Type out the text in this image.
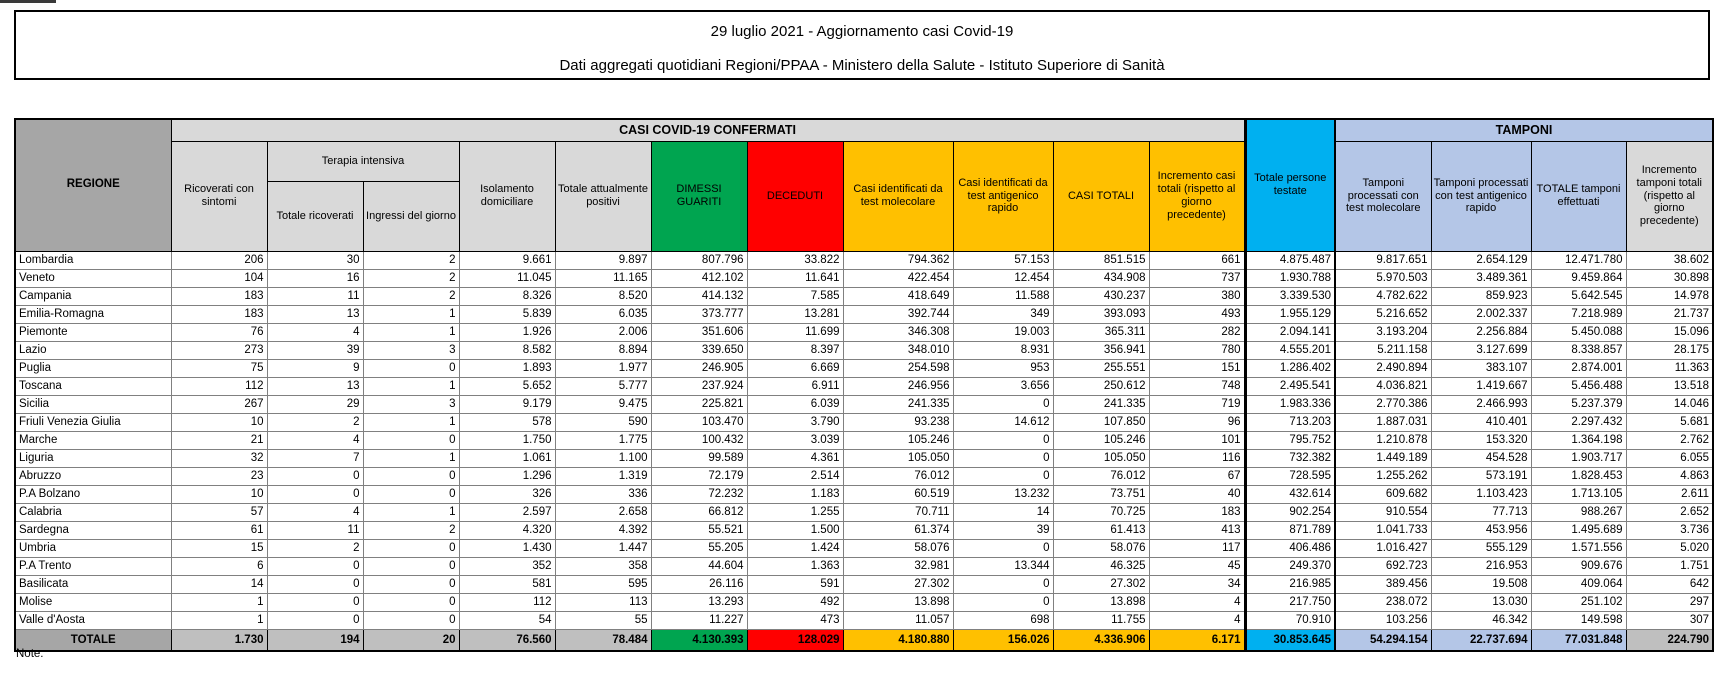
29 luglio 2021 - Aggiornamento casi Covid-19
Dati aggregati quotidiani Regioni/PPAA - Ministero della Salute - Istituto Superiore di Sanità
REGIONE	CASI COVID-19 CONFERMATI											Totale persone testate	TAMPONI			
	Ricoverati con sintomi	Terapia intensiva		Isolamento domiciliare	Totale attualmente positivi	DIMESSI GUARITI	DECEDUTI	Casi identificati da test molecolare	Casi identificati da test antigenico rapido	CASI TOTALI	Incremento casi totali (rispetto al giorno precedente)		Tamponi processati con test molecolare	Tamponi processati con test antigenico rapido	TOTALE tamponi effettuati	Incremento tamponi totali (rispetto al giorno precedente)
		Totale ricoverati	Ingressi del giorno													
Lombardia	206	30	2	9.661	9.897	807.796	33.822	794.362	57.153	851.515	661	4.875.487	9.817.651	2.654.129	12.471.780	38.602
Veneto	104	16	2	11.045	11.165	412.102	11.641	422.454	12.454	434.908	737	1.930.788	5.970.503	3.489.361	9.459.864	30.898
Campania	183	11	2	8.326	8.520	414.132	7.585	418.649	11.588	430.237	380	3.339.530	4.782.622	859.923	5.642.545	14.978
Emilia-Romagna	183	13	1	5.839	6.035	373.777	13.281	392.744	349	393.093	493	1.955.129	5.216.652	2.002.337	7.218.989	21.737
Piemonte	76	4	1	1.926	2.006	351.606	11.699	346.308	19.003	365.311	282	2.094.141	3.193.204	2.256.884	5.450.088	15.096
Lazio	273	39	3	8.582	8.894	339.650	8.397	348.010	8.931	356.941	780	4.555.201	5.211.158	3.127.699	8.338.857	28.175
Puglia	75	9	0	1.893	1.977	246.905	6.669	254.598	953	255.551	151	1.286.402	2.490.894	383.107	2.874.001	11.363
Toscana	112	13	1	5.652	5.777	237.924	6.911	246.956	3.656	250.612	748	2.495.541	4.036.821	1.419.667	5.456.488	13.518
Sicilia	267	29	3	9.179	9.475	225.821	6.039	241.335	0	241.335	719	1.983.336	2.770.386	2.466.993	5.237.379	14.046
Friuli Venezia Giulia	10	2	1	578	590	103.470	3.790	93.238	14.612	107.850	96	713.203	1.887.031	410.401	2.297.432	5.681
Marche	21	4	0	1.750	1.775	100.432	3.039	105.246	0	105.246	101	795.752	1.210.878	153.320	1.364.198	2.762
Liguria	32	7	1	1.061	1.100	99.589	4.361	105.050	0	105.050	116	732.382	1.449.189	454.528	1.903.717	6.055
Abruzzo	23	0	0	1.296	1.319	72.179	2.514	76.012	0	76.012	67	728.595	1.255.262	573.191	1.828.453	4.863
P.A Bolzano	10	0	0	326	336	72.232	1.183	60.519	13.232	73.751	40	432.614	609.682	1.103.423	1.713.105	2.611
Calabria	57	4	1	2.597	2.658	66.812	1.255	70.711	14	70.725	183	902.254	910.554	77.713	988.267	2.652
Sardegna	61	11	2	4.320	4.392	55.521	1.500	61.374	39	61.413	413	871.789	1.041.733	453.956	1.495.689	3.736
Umbria	15	2	0	1.430	1.447	55.205	1.424	58.076	0	58.076	117	406.486	1.016.427	555.129	1.571.556	5.020
P.A Trento	6	0	0	352	358	44.604	1.363	32.981	13.344	46.325	45	249.370	692.723	216.953	909.676	1.751
Basilicata	14	0	0	581	595	26.116	591	27.302	0	27.302	34	216.985	389.456	19.508	409.064	642
Molise	1	0	0	112	113	13.293	492	13.898	0	13.898	4	217.750	238.072	13.030	251.102	297
Valle d'Aosta	1	0	0	54	55	11.227	473	11.057	698	11.755	4	70.910	103.256	46.342	149.598	307
TOTALE	1.730	194	20	76.560	78.484	4.130.393	128.029	4.180.880	156.026	4.336.906	6.171	30.853.645	54.294.154	22.737.694	77.031.848	224.790
Note:
